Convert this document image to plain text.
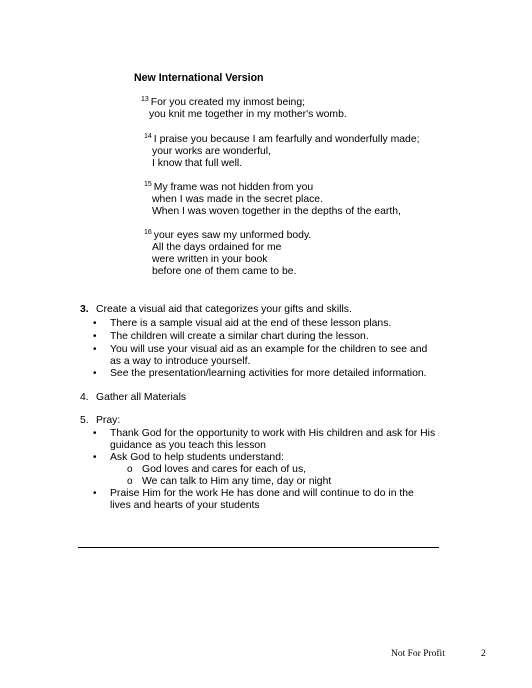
New International Version
$^{13}$ For you created my inmost being;
you knit me together in my mother's womb.
$^{14}$ I praise you because I am fearfully and wonderfully made;
your works are wonderful,
I know that full well.
$^{15}$ My frame was not hidden from you
when I was made in the secret place.
When I was woven together in the depths of the earth,
$^{16}$ your eyes saw my unformed body.
All the days ordained for me
were written in your book
before one of them came to be.
3. Create a visual aid that categorizes your gifts and skills.
• There is a sample visual aid at the end of these lesson plans.
• The children will create a similar chart during the lesson.
• You will use your visual aid as an example for the children to see and
as a way to introduce yourself.
• See the presentation/learning activities for more detailed information.
4. Gather all Materials
5. Pray:
• Thank God for the opportunity to work with His children and ask for His
guidance as you teach this lesson
• Ask God to help students understand:
o God loves and cares for each of us,
o We can talk to Him any time, day or night
• Praise Him for the work He has done and will continue to do in the
lives and hearts of your students
Not For Profit	2
